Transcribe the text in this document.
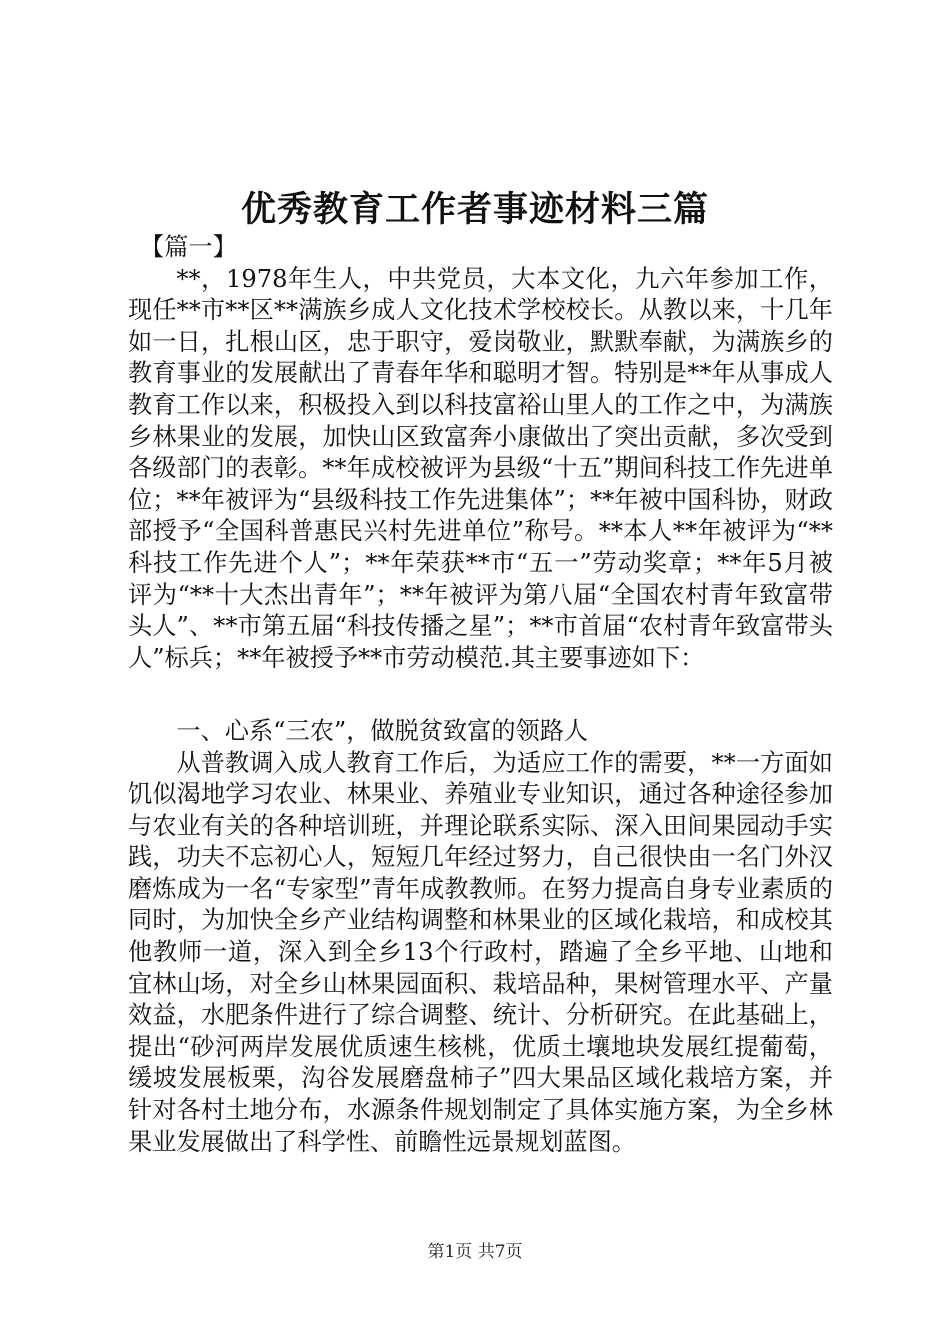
优秀教育工作者事迹材料三篇

【篇一】

**，1978年生人，中共党员，大本文化，九六年参加工作，现任**市**区**满族乡成人文化技术学校校长。从教以来，十几年如一日，扎根山区，忠于职守，爱岗敬业，默默奉献，为满族乡的教育事业的发展献出了青春年华和聪明才智。特别是**年从事成人教育工作以来，积极投入到以科技富裕山里人的工作之中，为满族乡林果业的发展，加快山区致富奔小康做出了突出贡献，多次受到各级部门的表彰。**年成校被评为县级“十五”期间科技工作先进单位；**年被评为“县级科技工作先进集体”；**年被中国科协，财政部授予“全国科普惠民兴村先进单位”称号。**本人**年被评为“**科技工作先进个人”；**年荣获**市“五一”劳动奖章；**年5月被评为“**十大杰出青年”；**年被评为第八届“全国农村青年致富带头人”、**市第五届“科技传播之星”；**市首届“农村青年致富带头人”标兵；**年被授予**市劳动模范.其主要事迹如下：

一、心系“三农”，做脱贫致富的领路人

从普教调入成人教育工作后，为适应工作的需要，**一方面如饥似渴地学习农业、林果业、养殖业专业知识，通过各种途径参加与农业有关的各种培训班，并理论联系实际、深入田间果园动手实践，功夫不忘初心人，短短几年经过努力，自己很快由一名门外汉磨炼成为一名“专家型”青年成教教师。在努力提高自身专业素质的同时，为加快全乡产业结构调整和林果业的区域化栽培，和成校其他教师一道，深入到全乡13个行政村，踏遍了全乡平地、山地和宜林山场，对全乡山林果园面积、栽培品种，果树管理水平、产量效益，水肥条件进行了综合调整、统计、分析研究。在此基础上，提出“砂河两岸发展优质速生核桃，优质土壤地块发展红提葡萄，缓坡发展板栗，沟谷发展磨盘柿子”四大果品区域化栽培方案，并针对各村土地分布，水源条件规划制定了具体实施方案，为全乡林果业发展做出了科学性、前瞻性远景规划蓝图。

第1页 共7页
